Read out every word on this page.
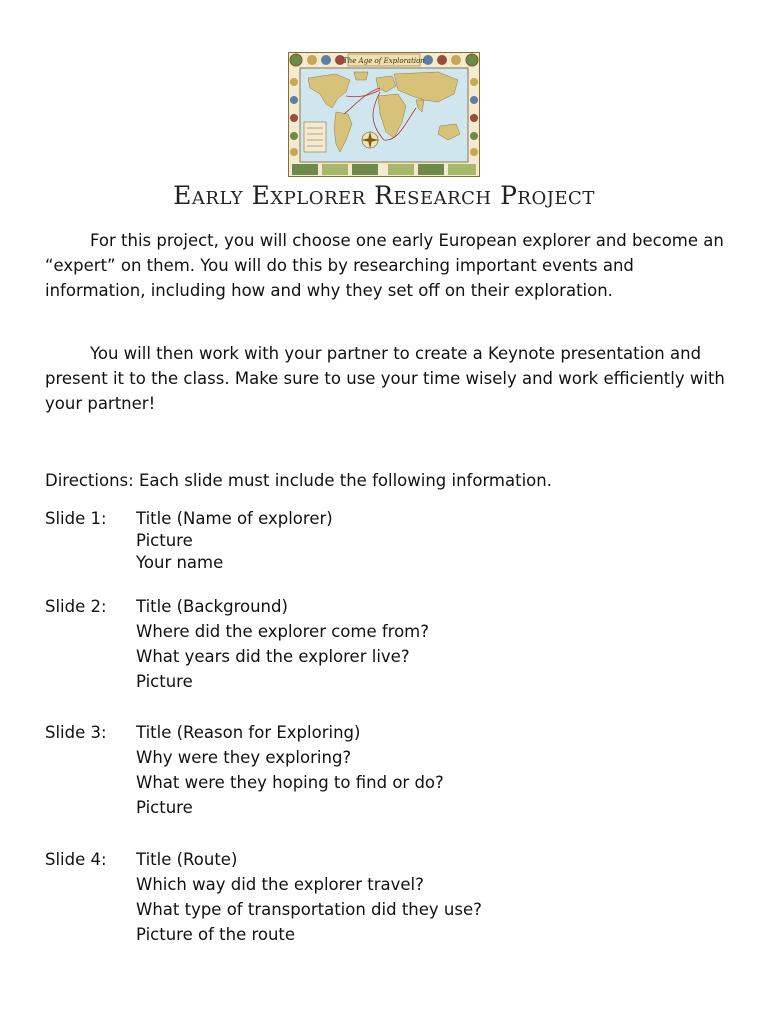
The Age of Exploration
Early Explorer Research Project

For this project, you will choose one early European explorer and become an “expert” on them. You will do this by researching important events and information, including how and why they set off on their exploration.

You will then work with your partner to create a Keynote presentation and present it to the class. Make sure to use your time wisely and work efficiently with your partner!

Directions: Each slide must include the following information.

Slide 1: Title (Name of explorer)
Picture
Your name
Slide 2: Title (Background)
Where did the explorer come from?
What years did the explorer live?
Picture
Slide 3: Title (Reason for Exploring)
Why were they exploring?
What were they hoping to find or do?
Picture
Slide 4: Title (Route)
Which way did the explorer travel?
What type of transportation did they use?
Picture of the route
